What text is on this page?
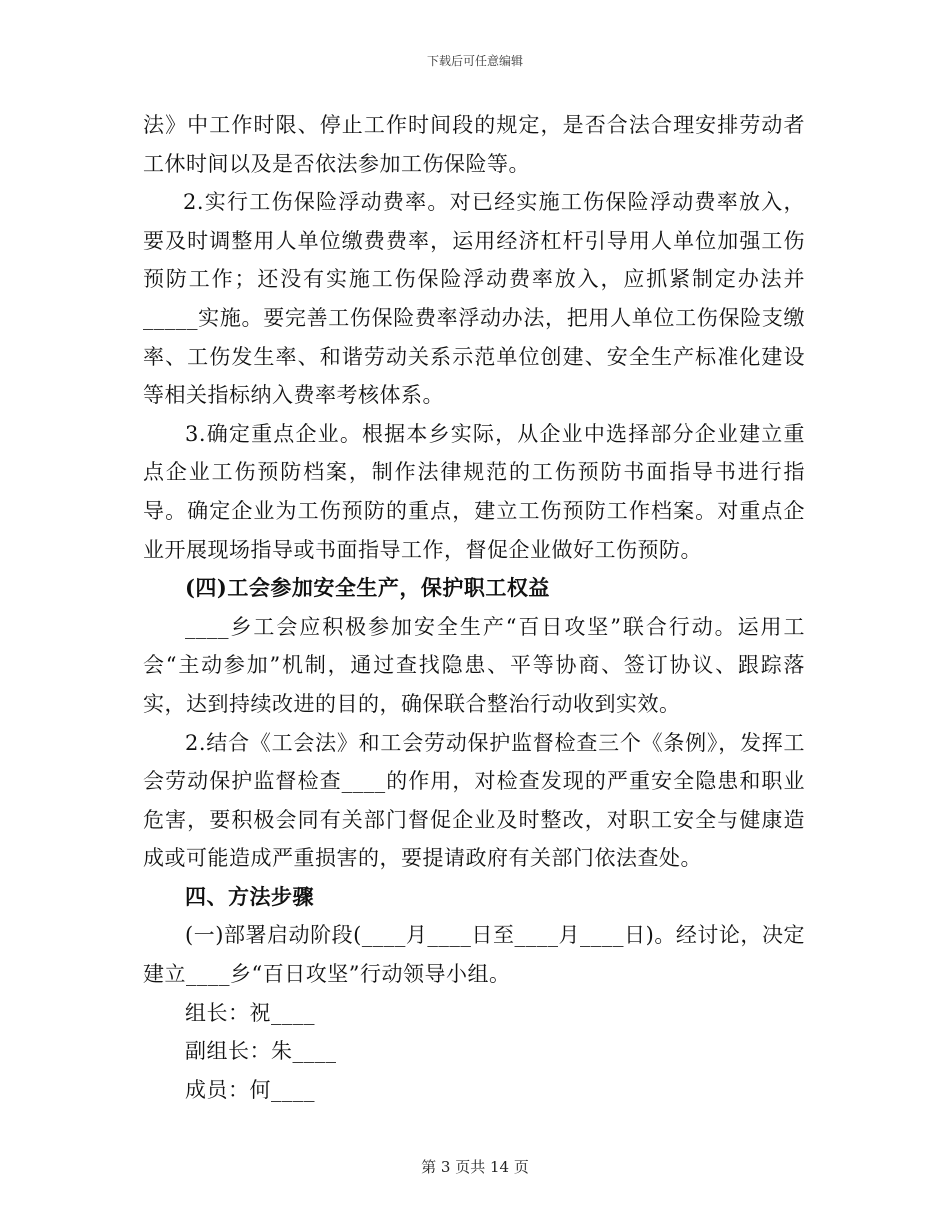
下载后可任意编辑

法》中工作时限、停止工作时间段的规定，是否合法合理安排劳动者工休时间以及是否依法参加工伤保险等。

2.实行工伤保险浮动费率。对已经实施工伤保险浮动费率放入，要及时调整用人单位缴费费率，运用经济杠杆引导用人单位加强工伤预防工作；还没有实施工伤保险浮动费率放入，应抓紧制定办法并_____实施。要完善工伤保险费率浮动办法，把用人单位工伤保险支缴率、工伤发生率、和谐劳动关系示范单位创建、安全生产标准化建设等相关指标纳入费率考核体系。

3.确定重点企业。根据本乡实际，从企业中选择部分企业建立重点企业工伤预防档案，制作法律规范的工伤预防书面指导书进行指导。确定企业为工伤预防的重点，建立工伤预防工作档案。对重点企业开展现场指导或书面指导工作，督促企业做好工伤预防。

(四)工会参加安全生产，保护职工权益

____乡工会应积极参加安全生产“百日攻坚”联合行动。运用工会“主动参加”机制，通过查找隐患、平等协商、签订协议、跟踪落实，达到持续改进的目的，确保联合整治行动收到实效。

2.结合《工会法》和工会劳动保护监督检查三个《条例》，发挥工会劳动保护监督检查____的作用，对检查发现的严重安全隐患和职业危害，要积极会同有关部门督促企业及时整改，对职工安全与健康造成或可能造成严重损害的，要提请政府有关部门依法查处。

四、方法步骤

(一)部署启动阶段(____月____日至____月____日)。经讨论，决定建立____乡“百日攻坚”行动领导小组。

组长：祝____

副组长：朱____

成员：何____

第 3 页共 14 页
